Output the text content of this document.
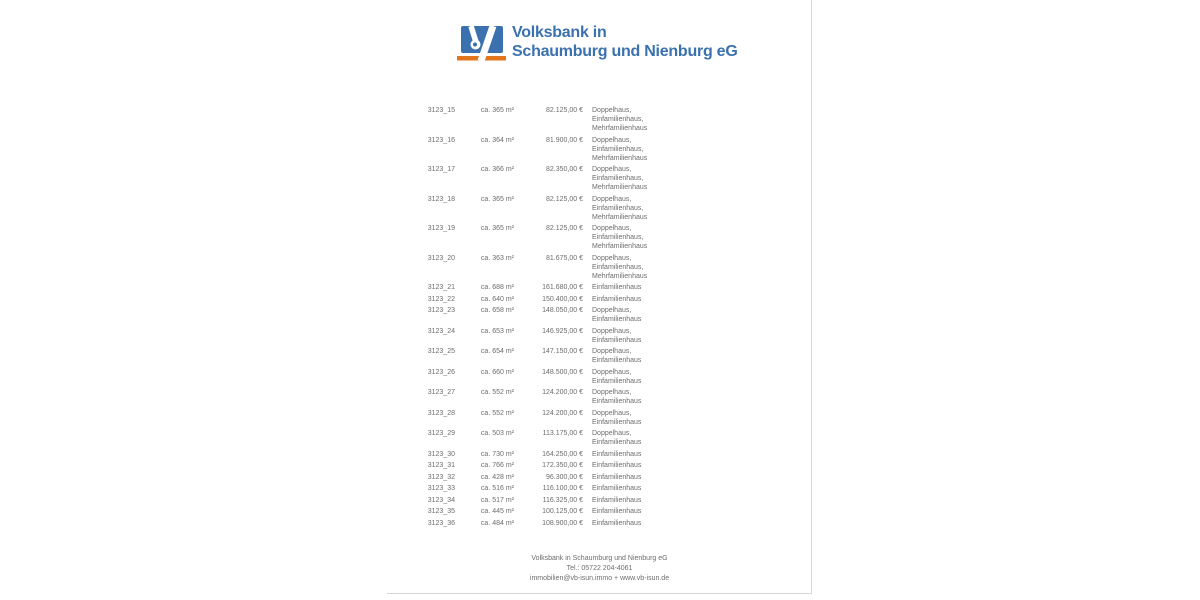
Volksbank in
Schaumburg und Nienburg eG
3123_15	ca. 365 m²	82.125,00 €	Doppelhaus, Einfamilienhaus, Mehrfamilienhaus
3123_16	ca. 364 m²	81.900,00 €	Doppelhaus, Einfamilienhaus, Mehrfamilienhaus
3123_17	ca. 366 m²	82.350,00 €	Doppelhaus, Einfamilienhaus, Mehrfamilienhaus
3123_18	ca. 365 m²	82.125,00 €	Doppelhaus, Einfamilienhaus, Mehrfamilienhaus
3123_19	ca. 365 m²	82.125,00 €	Doppelhaus, Einfamilienhaus, Mehrfamilienhaus
3123_20	ca. 363 m²	81.675,00 €	Doppelhaus, Einfamilienhaus, Mehrfamilienhaus
3123_21	ca. 688 m²	161.680,00 €	Einfamilienhaus
3123_22	ca. 640 m²	150.400,00 €	Einfamilienhaus
3123_23	ca. 658 m²	148.050,00 €	Doppelhaus, Einfamilienhaus
3123_24	ca. 653 m²	146.925,00 €	Doppelhaus, Einfamilienhaus
3123_25	ca. 654 m²	147.150,00 €	Doppelhaus, Einfamilienhaus
3123_26	ca. 660 m²	148.500,00 €	Doppelhaus, Einfamilienhaus
3123_27	ca. 552 m²	124.200,00 €	Doppelhaus, Einfamilienhaus
3123_28	ca. 552 m²	124.200,00 €	Doppelhaus, Einfamilienhaus
3123_29	ca. 503 m²	113.175,00 €	Doppelhaus, Einfamilienhaus
3123_30	ca. 730 m²	164.250,00 €	Einfamilienhaus
3123_31	ca. 766 m²	172.350,00 €	Einfamilienhaus
3123_32	ca. 428 m²	96.300,00 €	Einfamilienhaus
3123_33	ca. 516 m²	116.100,00 €	Einfamilienhaus
3123_34	ca. 517 m²	116.325,00 €	Einfamilienhaus
3123_35	ca. 445 m²	100.125,00 €	Einfamilienhaus
3123_36	ca. 484 m²	108.900,00 €	Einfamilienhaus
Volksbank in Schaumburg und Nienburg eG
Tel.: 05722 204-4061
immobilien@vb-isun.immo + www.vb-isun.de
